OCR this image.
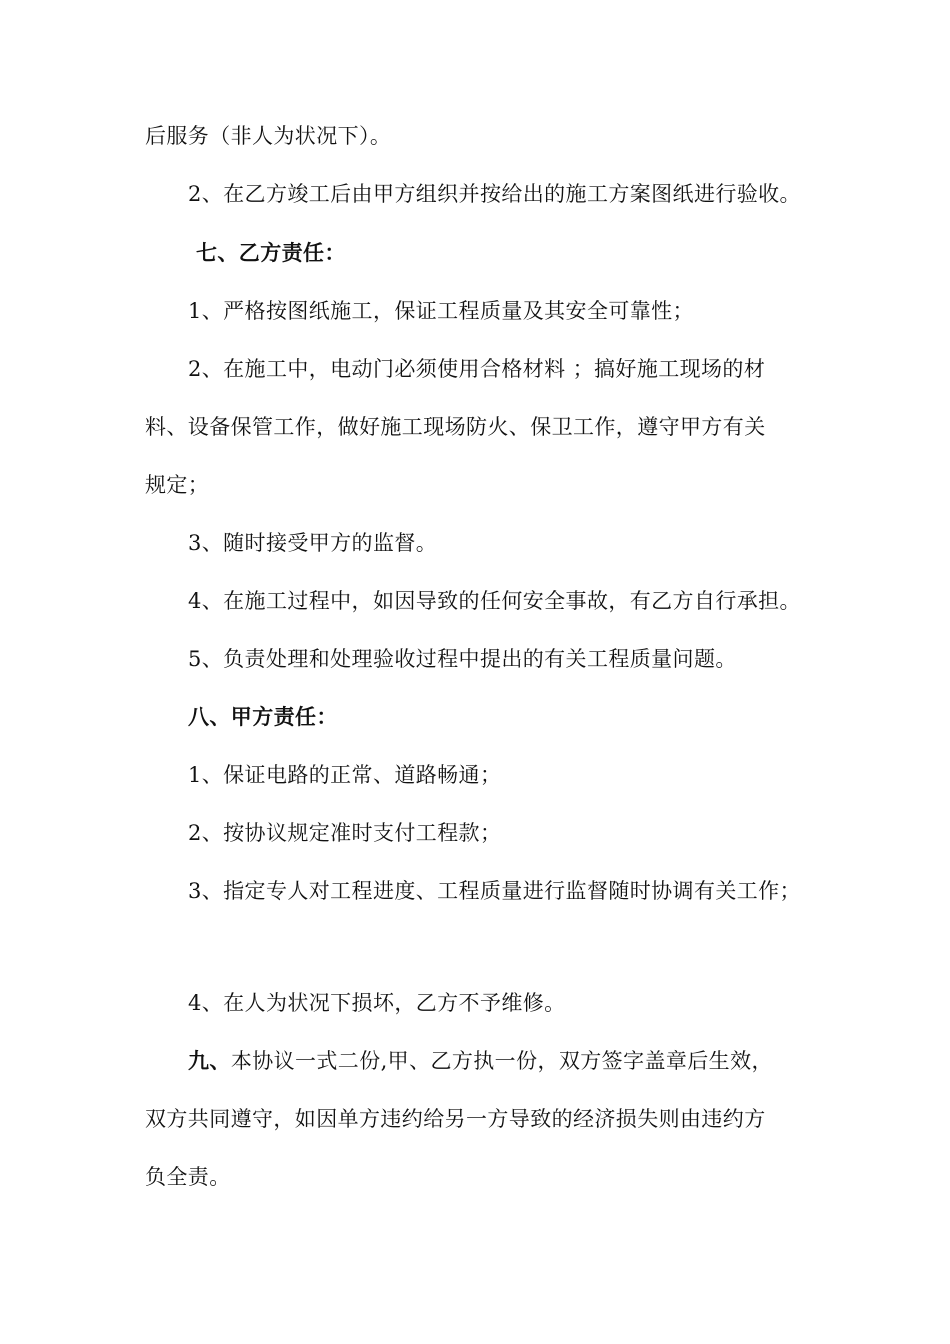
后服务（非人为状况下）。
2、在乙方竣工后由甲方组织并按给出的施工方案图纸进行验收。
七、乙方责任：
1、严格按图纸施工，保证工程质量及其安全可靠性；
2、在施工中，电动门必须使用合格材料 ；搞好施工现场的材
料、设备保管工作，做好施工现场防火、保卫工作，遵守甲方有关
规定；
3、随时接受甲方的监督。
4、在施工过程中，如因导致的任何安全事故，有乙方自行承担。
5、负责处理和处理验收过程中提出的有关工程质量问题。
八、甲方责任：
1、保证电路的正常、道路畅通；
2、按协议规定准时支付工程款；
3、指定专人对工程进度、工程质量进行监督随时协调有关工作；
4、在人为状况下损坏，乙方不予维修。
九、本协议一式二份,甲、乙方执一份，双方签字盖章后生效，
双方共同遵守，如因单方违约给另一方导致的经济损失则由违约方
负全责。
